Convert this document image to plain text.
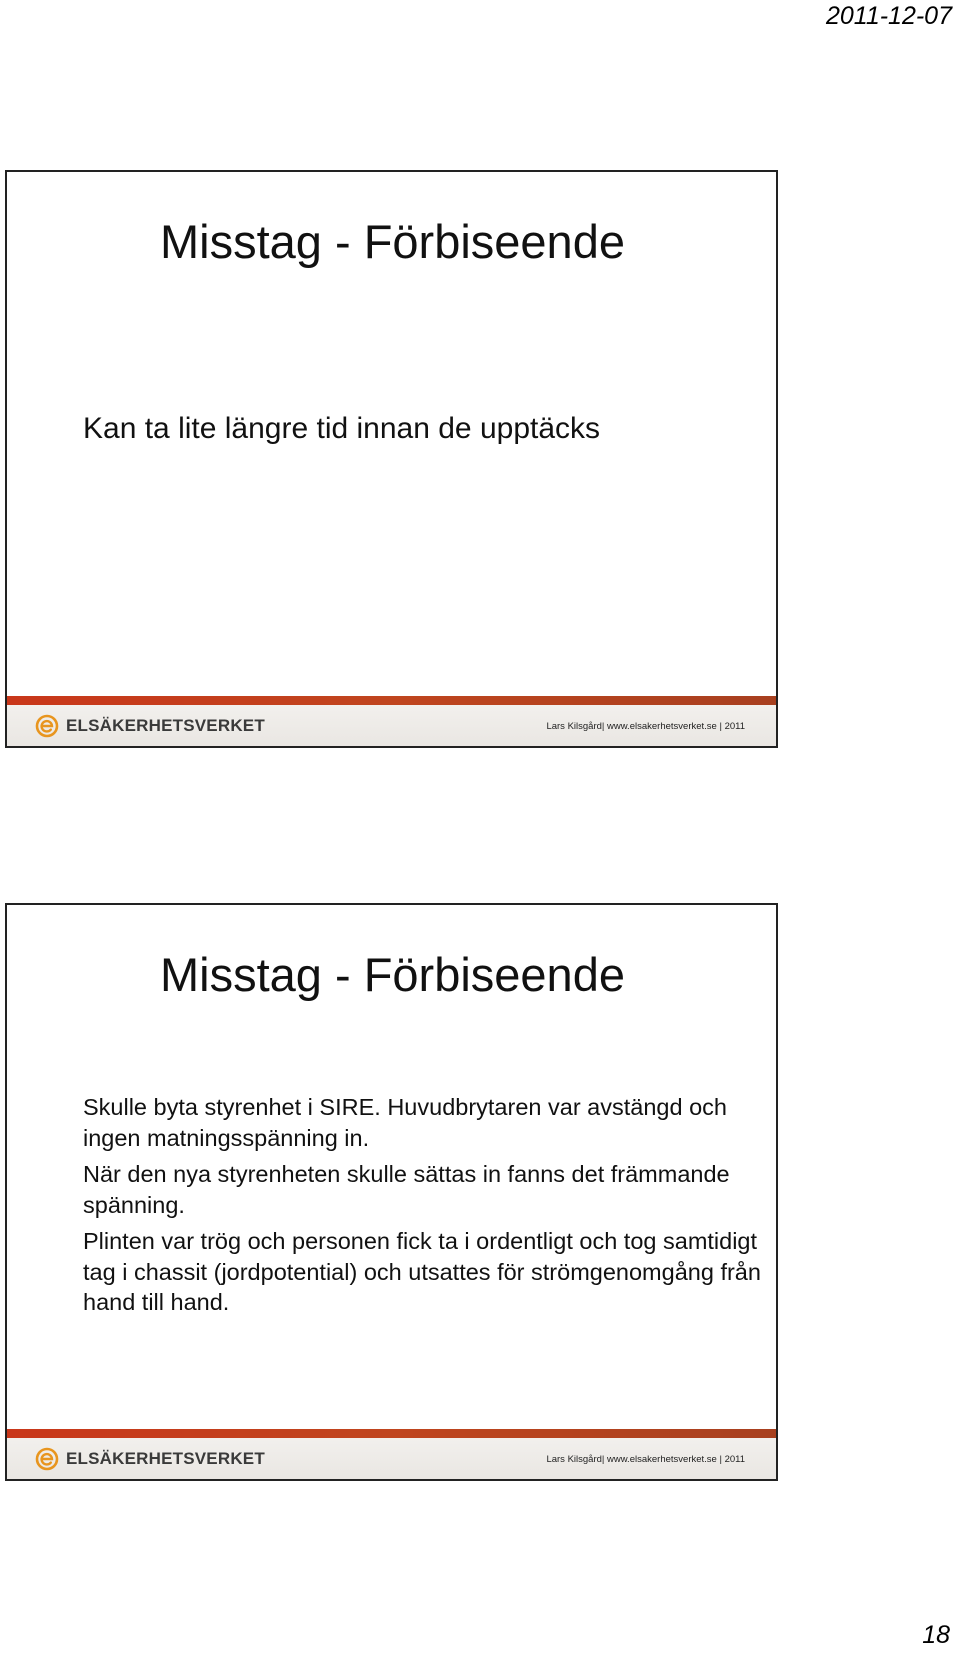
2011-12-07
Misstag - Förbiseende
Kan ta lite längre tid innan de upptäcks
ELSÄKERHETSVERKET	Lars Kilsgård| www.elsakerhetsverket.se | 2011
Misstag - Förbiseende

Skulle byta styrenhet i SIRE. Huvudbrytaren var avstängd och ingen matningsspänning in.

När den nya styrenheten skulle sättas in fanns det främmande spänning.

Plinten var trög och personen fick ta i ordentligt och tog samtidigt tag i chassit (jordpotential) och utsattes för strömgenomgång från hand till hand.

ELSÄKERHETSVERKET	Lars Kilsgård| www.elsakerhetsverket.se | 2011
18
